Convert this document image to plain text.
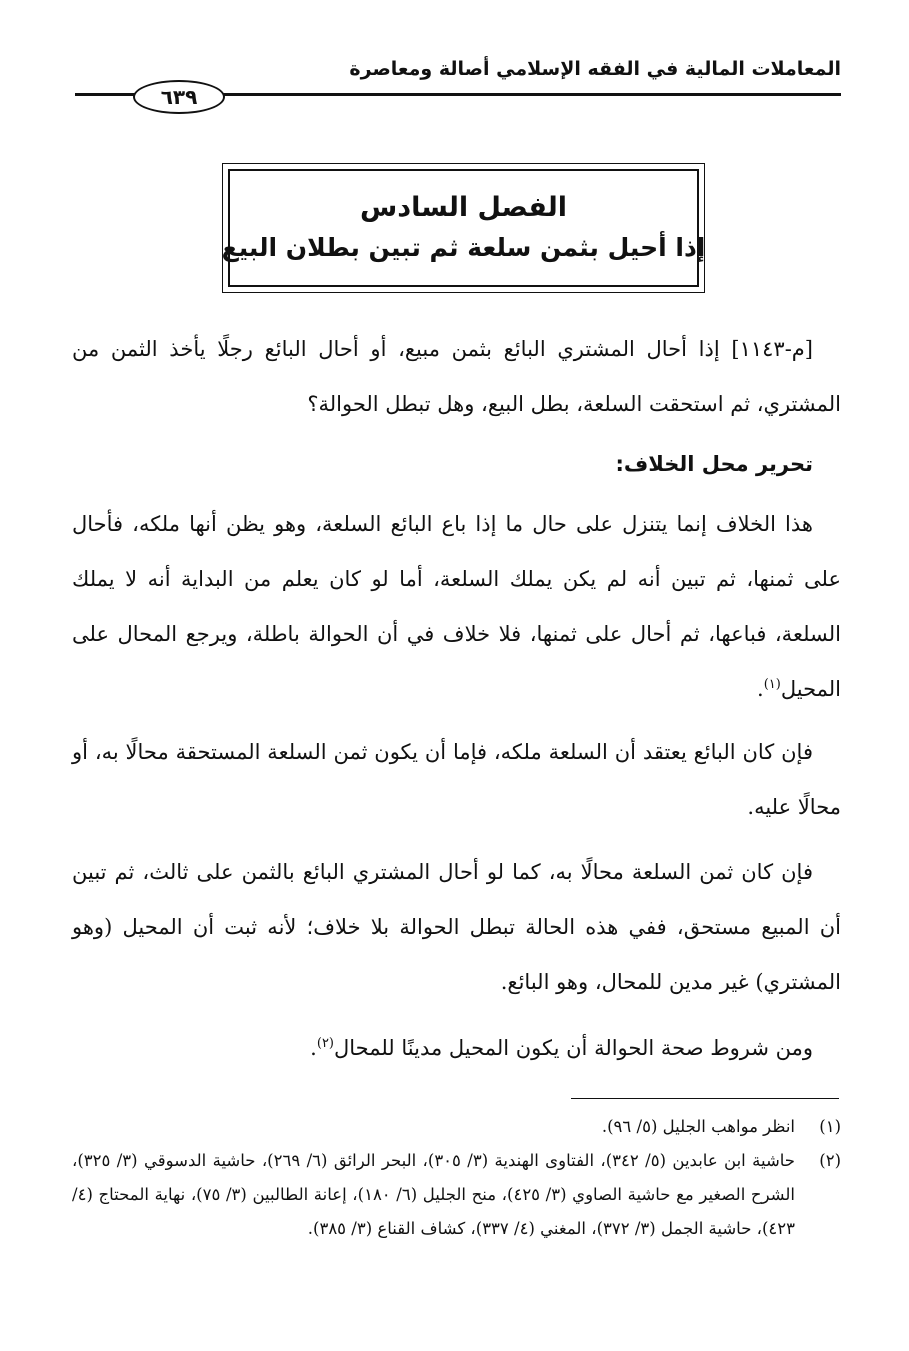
المعاملات المالية في الفقه الإسلامي أصالة ومعاصرة
٦٣٩
الفصل السادس
إذا أحيل بثمن سلعة ثم تبين بطلان البيع
[م-١١٤٣] إذا أحال المشتري البائع بثمن مبيع، أو أحال البائع رجلًا يأخذ الثمن من المشتري، ثم استحقت السلعة، بطل البيع، وهل تبطل الحوالة؟
تحرير محل الخلاف:
هذا الخلاف إنما يتنزل على حال ما إذا باع البائع السلعة، وهو يظن أنها ملكه، فأحال على ثمنها، ثم تبين أنه لم يكن يملك السلعة، أما لو كان يعلم من البداية أنه لا يملك السلعة، فباعها، ثم أحال على ثمنها، فلا خلاف في أن الحوالة باطلة، ويرجع المحال على المحيل$^{(١)}$.
فإن كان البائع يعتقد أن السلعة ملكه، فإما أن يكون ثمن السلعة المستحقة محالًا به، أو محالًا عليه.
فإن كان ثمن السلعة محالًا به، كما لو أحال المشتري البائع بالثمن على ثالث، ثم تبين أن المبيع مستحق، ففي هذه الحالة تبطل الحوالة بلا خلاف؛ لأنه ثبت أن المحيل (وهو المشتري) غير مدين للمحال، وهو البائع.
ومن شروط صحة الحوالة أن يكون المحيل مدينًا للمحال$^{(٢)}$.
(١)
انظر مواهب الجليل (٥/ ٩٦).
(٢)
حاشية ابن عابدين (٥/ ٣٤٢)، الفتاوى الهندية (٣/ ٣٠٥)، البحر الرائق (٦/ ٢٦٩)، حاشية الدسوقي (٣/ ٣٢٥)، الشرح الصغير مع حاشية الصاوي (٣/ ٤٢٥)، منح الجليل (٦/ ١٨٠)، إعانة الطالبين (٣/ ٧٥)، نهاية المحتاج (٤/ ٤٢٣)، حاشية الجمل (٣/ ٣٧٢)، المغني (٤/ ٣٣٧)، كشاف القناع (٣/ ٣٨٥).
